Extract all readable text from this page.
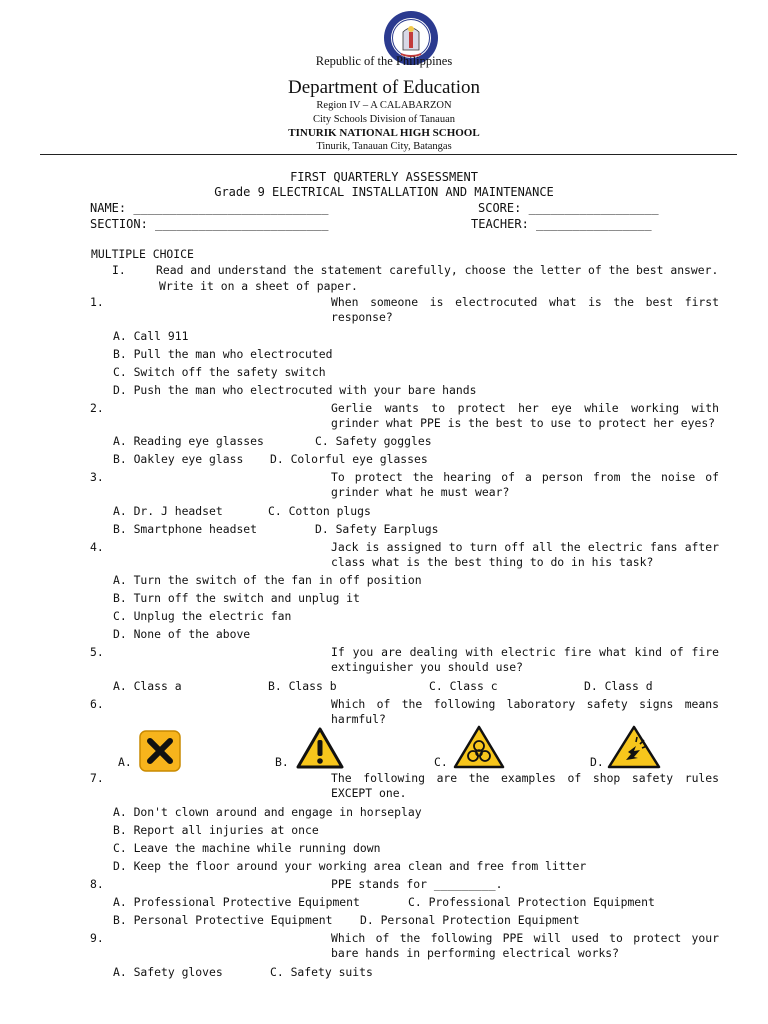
Republic of the Philippines
Department of Education
Region IV – A CALABARZON
City Schools Division of Tanauan
TINURIK NATIONAL HIGH SCHOOL
Tinurik, Tanauan City, Batangas
FIRST QUARTERLY ASSESSMENT
Grade 9 ELECTRICAL INSTALLATION AND MAINTENANCE
NAME: ___________________________	SCORE: __________________
SECTION: ________________________	TEACHER: ________________
MULTIPLE CHOICE
I.	Read and understand the statement carefully, choose the letter of the best answer.
Write it on a sheet of paper.
1.	When someone is electrocuted what is the best first response?
A. Call 911
B. Pull the man who electrocuted
C. Switch off the safety switch
D. Push the man who electrocuted with your bare hands
2.	Gerlie wants to protect her eye while working with grinder what PPE is the best to use to protect her eyes?
A. Reading eye glasses	C. Safety goggles
B. Oakley eye glass D. Colorful eye glasses
3.	To protect the hearing of a person from the noise of grinder what he must wear?
A. Dr. J headset	C. Cotton plugs
B. Smartphone headset	D. Safety Earplugs
4.	Jack is assigned to turn off all the electric fans after class what is the best thing to do in his task?
A. Turn the switch of the fan in off position
B. Turn off the switch and unplug it
C. Unplug the electric fan
D. None of the above
5.	If you are dealing with electric fire what kind of fire extinguisher you should use?
A. Class a	B. Class b	C. Class c	D. Class d
6.	Which of the following laboratory safety signs means harmful?
A.	B.	C.	D.
7.	The following are the examples of shop safety rules EXCEPT one.
A. Don't clown around and engage in horseplay
B. Report all injuries at once
C. Leave the machine while running down
D. Keep the floor around your working area clean and free from litter
8.	PPE stands for _________.
A. Professional Protective Equipment	C. Professional Protection Equipment
B. Personal Protective Equipment D. Personal Protection Equipment
9.	Which of the following PPE will used to protect your bare hands in performing electrical works?
A. Safety gloves	C. Safety suits
